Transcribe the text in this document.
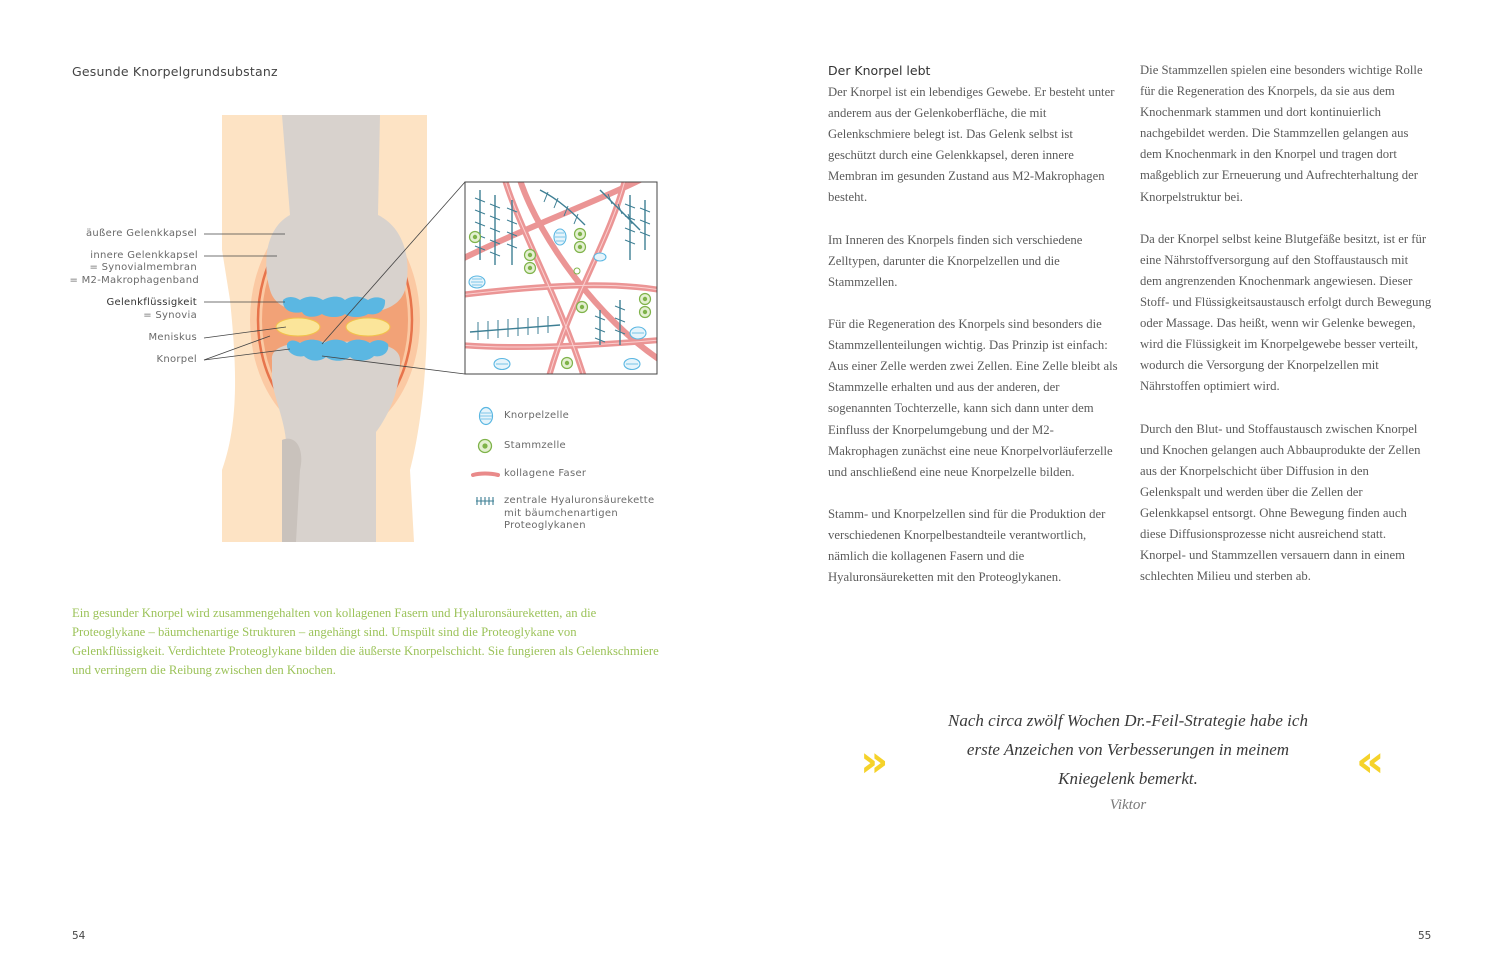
Gesunde Knorpelgrundsubstanz
äußere Gelenkkapsel
innere Gelenkkapsel
= Synovialmembran
= M2-Makrophagenband
Gelenkflüssigkeit
= Synovia
Meniskus
Knorpel
Knorpelzelle
Stammzelle
kollagene Faser
zentrale Hyaluronsäurekette
mit bäumchenartigen
Proteoglykanen
Ein gesunder Knorpel wird zusammengehalten von kollagenen Fasern und Hyaluronsäureketten, an die Proteoglykane – bäumchenartige Strukturen – angehängt sind. Umspült sind die Proteoglykane von Gelenkflüssigkeit. Verdichtete Proteoglykane bilden die äußerste Knorpelschicht. Sie fungieren als Gelenkschmiere und verringern die Reibung zwischen den Knochen.
54
Der Knorpel lebt

Der Knorpel ist ein lebendiges Gewebe. Er besteht unter anderem aus der Gelenkoberfläche, die mit Gelenkschmiere belegt ist. Das Gelenk selbst ist geschützt durch eine Gelenkkapsel, deren innere Membran im gesunden Zustand aus M2-Makrophagen besteht.

Im Inneren des Knorpels finden sich verschiedene Zelltypen, darunter die Knorpelzellen und die Stammzellen.

Für die Regeneration des Knorpels sind besonders die Stammzellenteilungen wichtig. Das Prinzip ist einfach: Aus einer Zelle werden zwei Zellen. Eine Zelle bleibt als Stammzelle erhalten und aus der anderen, der sogenannten Tochterzelle, kann sich dann unter dem Einfluss der Knorpelumgebung und der M2-Makrophagen zunächst eine neue Knorpelvorläuferzelle und anschließend eine neue Knorpelzelle bilden.

Stamm- und Knorpelzellen sind für die Produktion der verschiedenen Knorpelbestandteile verantwortlich, nämlich die kollagenen Fasern und die Hyaluronsäureketten mit den Proteoglykanen.

Die Stammzellen spielen eine besonders wichtige Rolle für die Regeneration des Knorpels, da sie aus dem Knochenmark stammen und dort kontinuierlich nachgebildet werden. Die Stammzellen gelangen aus dem Knochenmark in den Knorpel und tragen dort maßgeblich zur Erneuerung und Aufrechterhaltung der Knorpelstruktur bei.

Da der Knorpel selbst keine Blutgefäße besitzt, ist er für eine Nährstoffversorgung auf den Stoffaustausch mit dem angrenzenden Knochenmark angewiesen. Dieser Stoff- und Flüssigkeitsaustausch erfolgt durch Bewegung oder Massage. Das heißt, wenn wir Gelenke bewegen, wird die Flüssigkeit im Knorpelgewebe besser verteilt, wodurch die Versorgung der Knorpelzellen mit Nährstoffen optimiert wird.

Durch den Blut- und Stoffaustausch zwischen Knorpel und Knochen gelangen auch Abbauprodukte der Zellen aus der Knorpelschicht über Diffusion in den Gelenkspalt und werden über die Zellen der Gelenkkapsel entsorgt. Ohne Bewegung finden auch diese Diffusionsprozesse nicht ausreichend statt. Knorpel- und Stammzellen versauern dann in einem schlechten Milieu und sterben ab.

»
Nach circa zwölf Wochen Dr.-Feil-Strategie habe ich erste Anzeichen von Verbesserungen in meinem Kniegelenk bemerkt.
Viktor
«
55
